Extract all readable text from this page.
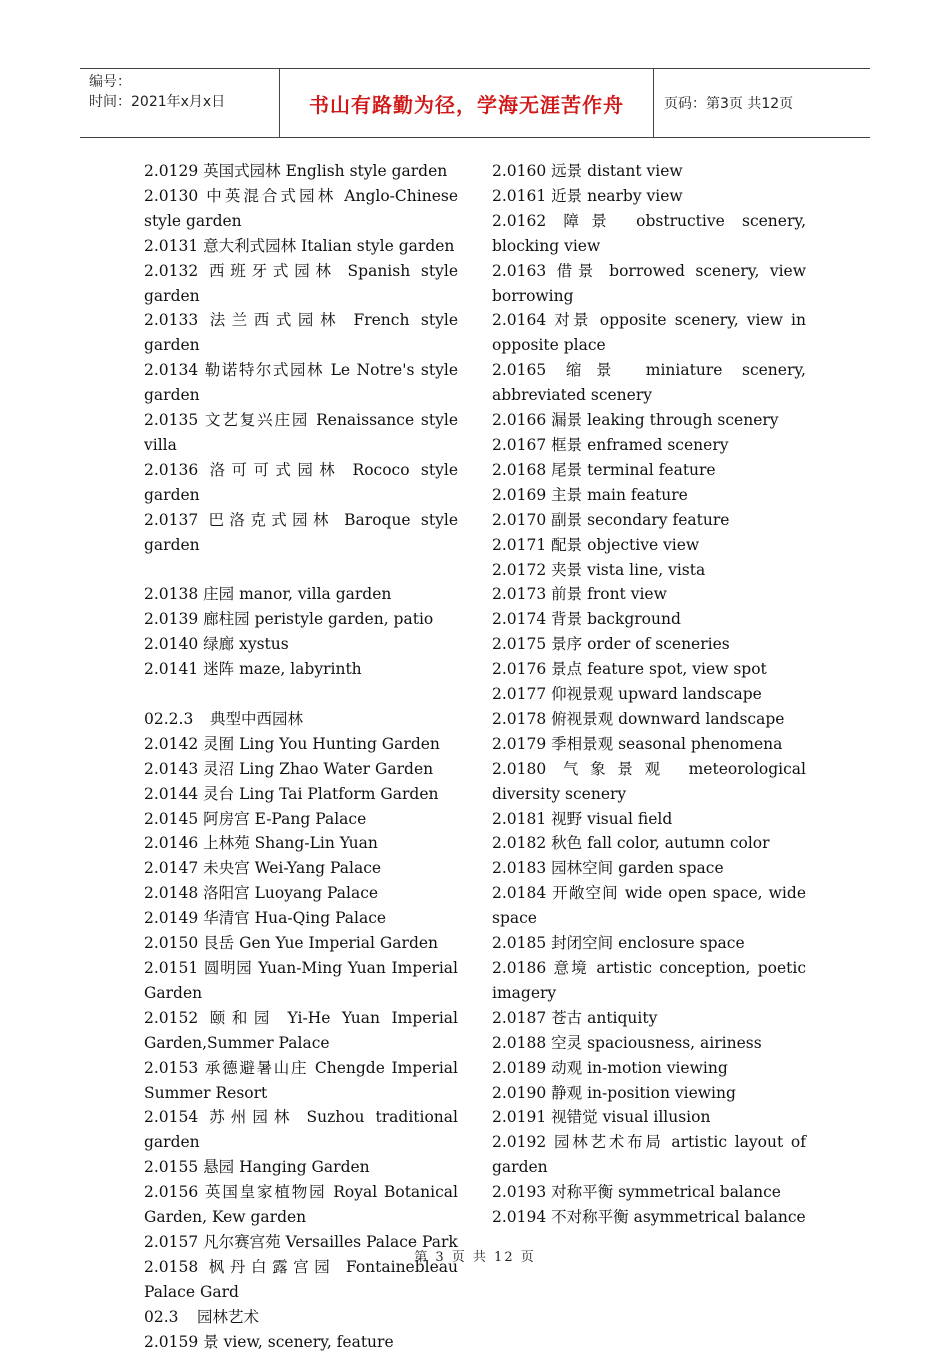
编号：
时间：2021年x月x日	书山有路勤为径，学海无涯苦作舟	页码：第3页 共12页
2.0129 英国式园林 English style garden
2.0130 中英混合式园林 Anglo-Chinese style garden
2.0131 意大利式园林 Italian style garden
2.0132 西班牙式园林 Spanish style garden
2.0133 法兰西式园林 French style garden
2.0134 勒诺特尔式园林 Le Notre's style garden
2.0135 文艺复兴庄园 Renaissance style villa
2.0136 洛可可式园林 Rococo style garden
2.0137 巴洛克式园林 Baroque style garden
2.0138 庄园 manor, villa garden
2.0139 廊柱园 peristyle garden, patio
2.0140 绿廊 xystus
2.0141 迷阵 maze, labyrinth
02.2.3 典型中西园林
2.0142 灵囿 Ling You Hunting Garden
2.0143 灵沼 Ling Zhao Water Garden
2.0144 灵台 Ling Tai Platform Garden
2.0145 阿房宫 E-Pang Palace
2.0146 上林苑 Shang-Lin Yuan
2.0147 未央宫 Wei-Yang Palace
2.0148 洛阳宫 Luoyang Palace
2.0149 华清官 Hua-Qing Palace
2.0150 艮岳 Gen Yue Imperial Garden
2.0151 圆明园 Yuan-Ming Yuan Imperial Garden
2.0152 颐和园 Yi-He Yuan Imperial Garden,Summer Palace
2.0153 承德避暑山庄 Chengde Imperial Summer Resort
2.0154 苏州园林 Suzhou traditional garden
2.0155 悬园 Hanging Garden
2.0156 英国皇家植物园 Royal Botanical Garden, Kew garden
2.0157 凡尔赛宫苑 Versailles Palace Park
2.0158 枫丹白露宫园 Fontainebleau Palace Gard
02.3 园林艺术
2.0159 景 view, scenery, feature
2.0160 远景 distant view
2.0161 近景 nearby view
2.0162 障景 obstructive scenery, blocking view
2.0163 借景 borrowed scenery, view borrowing
2.0164 对景 opposite scenery, view in opposite place
2.0165 缩景 miniature scenery, abbreviated scenery
2.0166 漏景 leaking through scenery
2.0167 框景 enframed scenery
2.0168 尾景 terminal feature
2.0169 主景 main feature
2.0170 副景 secondary feature
2.0171 配景 objective view
2.0172 夹景 vista line, vista
2.0173 前景 front view
2.0174 背景 background
2.0175 景序 order of sceneries
2.0176 景点 feature spot, view spot
2.0177 仰视景观 upward landscape
2.0178 俯视景观 downward landscape
2.0179 季相景观 seasonal phenomena
2.0180 气象景观 meteorological diversity scenery
2.0181 视野 visual field
2.0182 秋色 fall color, autumn color
2.0183 园林空间 garden space
2.0184 开敞空间 wide open space, wide space
2.0185 封闭空间 enclosure space
2.0186 意境 artistic conception, poetic imagery
2.0187 苍古 antiquity
2.0188 空灵 spaciousness, airiness
2.0189 动观 in-motion viewing
2.0190 静观 in-position viewing
2.0191 视错觉 visual illusion
2.0192 园林艺术布局 artistic layout of garden
2.0193 对称平衡 symmetrical balance
2.0194 不对称平衡 asymmetrical balance
第 3 页 共 12 页
